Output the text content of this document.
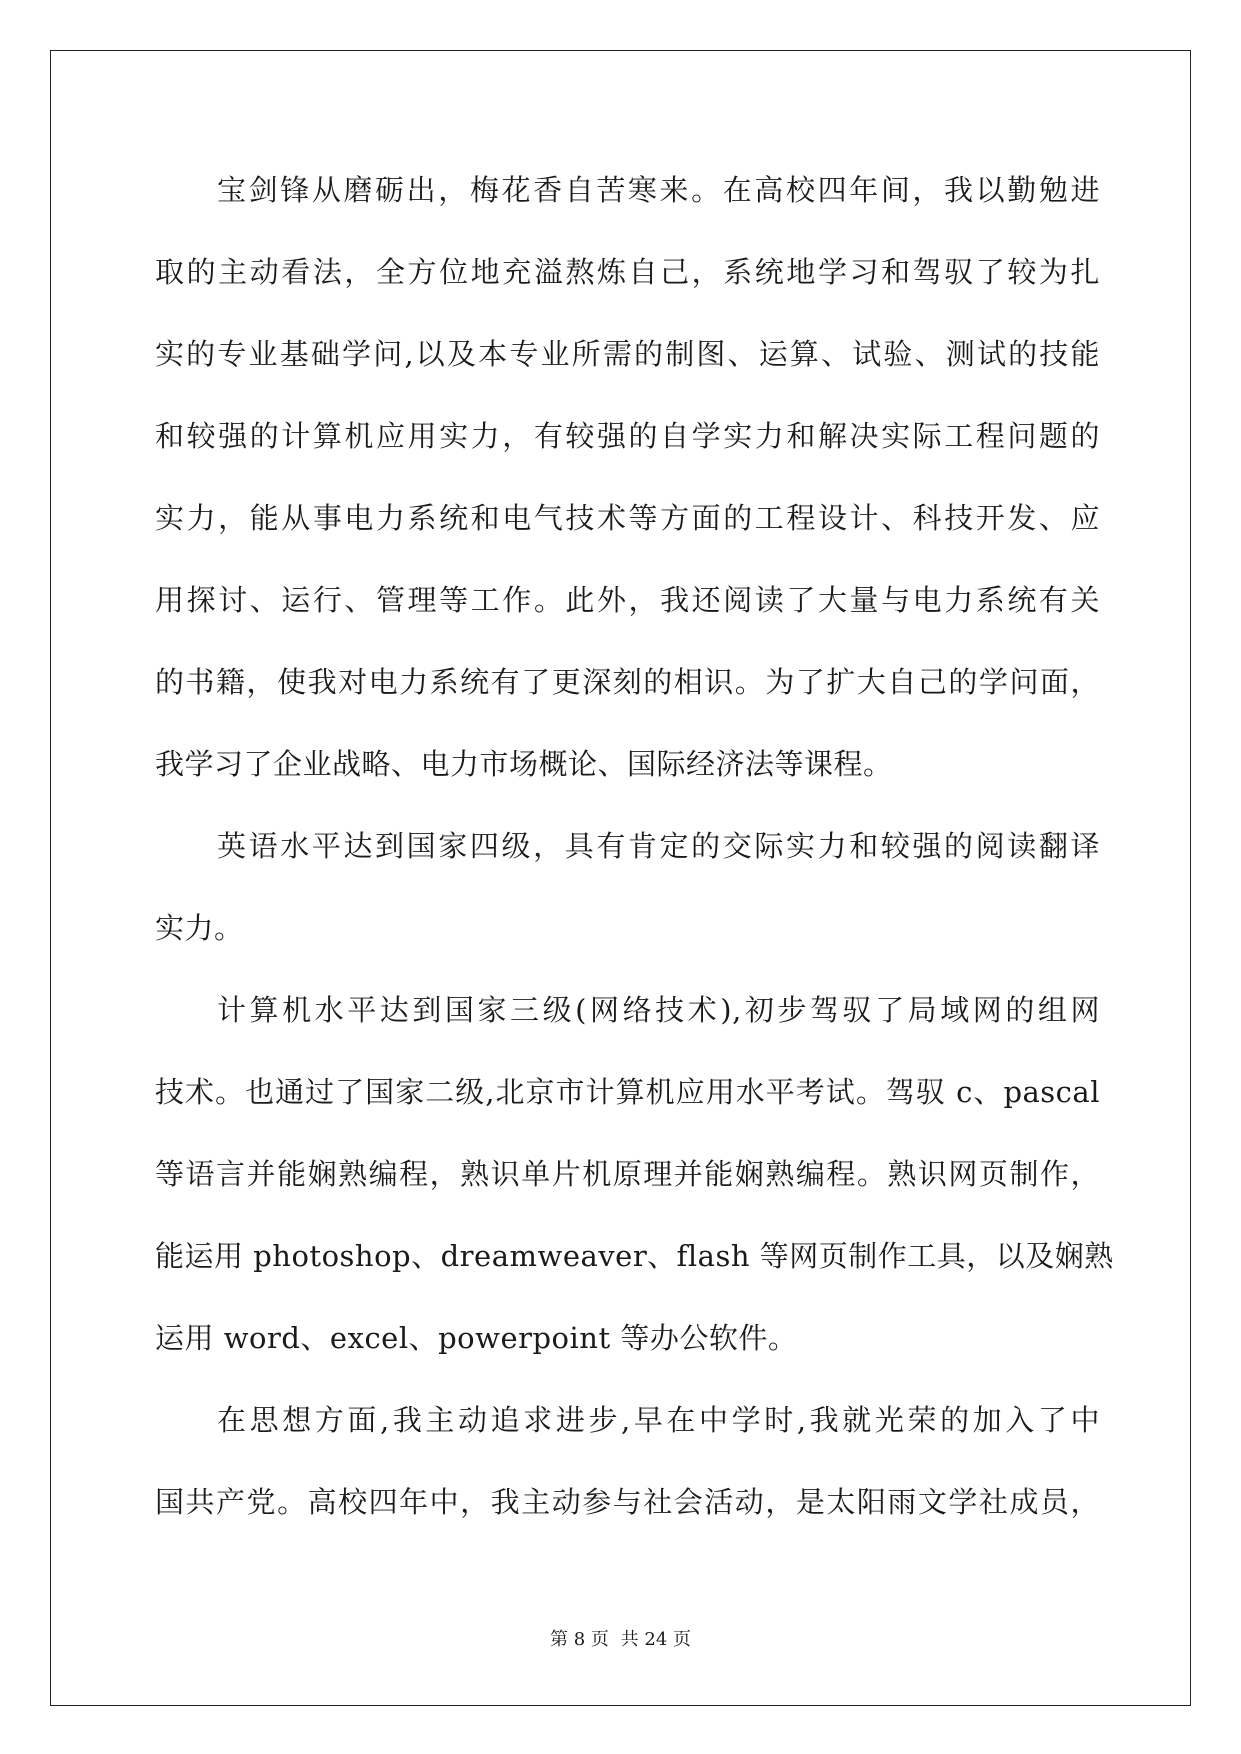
宝剑锋从磨砺出，梅花香自苦寒来。在高校四年间，我以勤勉进
取的主动看法，全方位地充溢熬炼自己，系统地学习和驾驭了较为扎
实的专业基础学问,以及本专业所需的制图、运算、试验、测试的技能
和较强的计算机应用实力，有较强的自学实力和解决实际工程问题的
实力，能从事电力系统和电气技术等方面的工程设计、科技开发、应
用探讨、运行、管理等工作。此外，我还阅读了大量与电力系统有关
的书籍，使我对电力系统有了更深刻的相识。为了扩大自己的学问面，
我学习了企业战略、电力市场概论、国际经济法等课程。
英语水平达到国家四级，具有肯定的交际实力和较强的阅读翻译
实力。
计算机水平达到国家三级(网络技术),初步驾驭了局域网的组网
技术。也通过了国家二级,北京市计算机应用水平考试。驾驭 c、pascal
等语言并能娴熟编程，熟识单片机原理并能娴熟编程。熟识网页制作，
能运用 photoshop、dreamweaver、flash 等网页制作工具，以及娴熟
运用 word、excel、powerpoint 等办公软件。
在思想方面,我主动追求进步,早在中学时,我就光荣的加入了中
国共产党。高校四年中，我主动参与社会活动，是太阳雨文学社成员，
第 8 页 共 24 页
